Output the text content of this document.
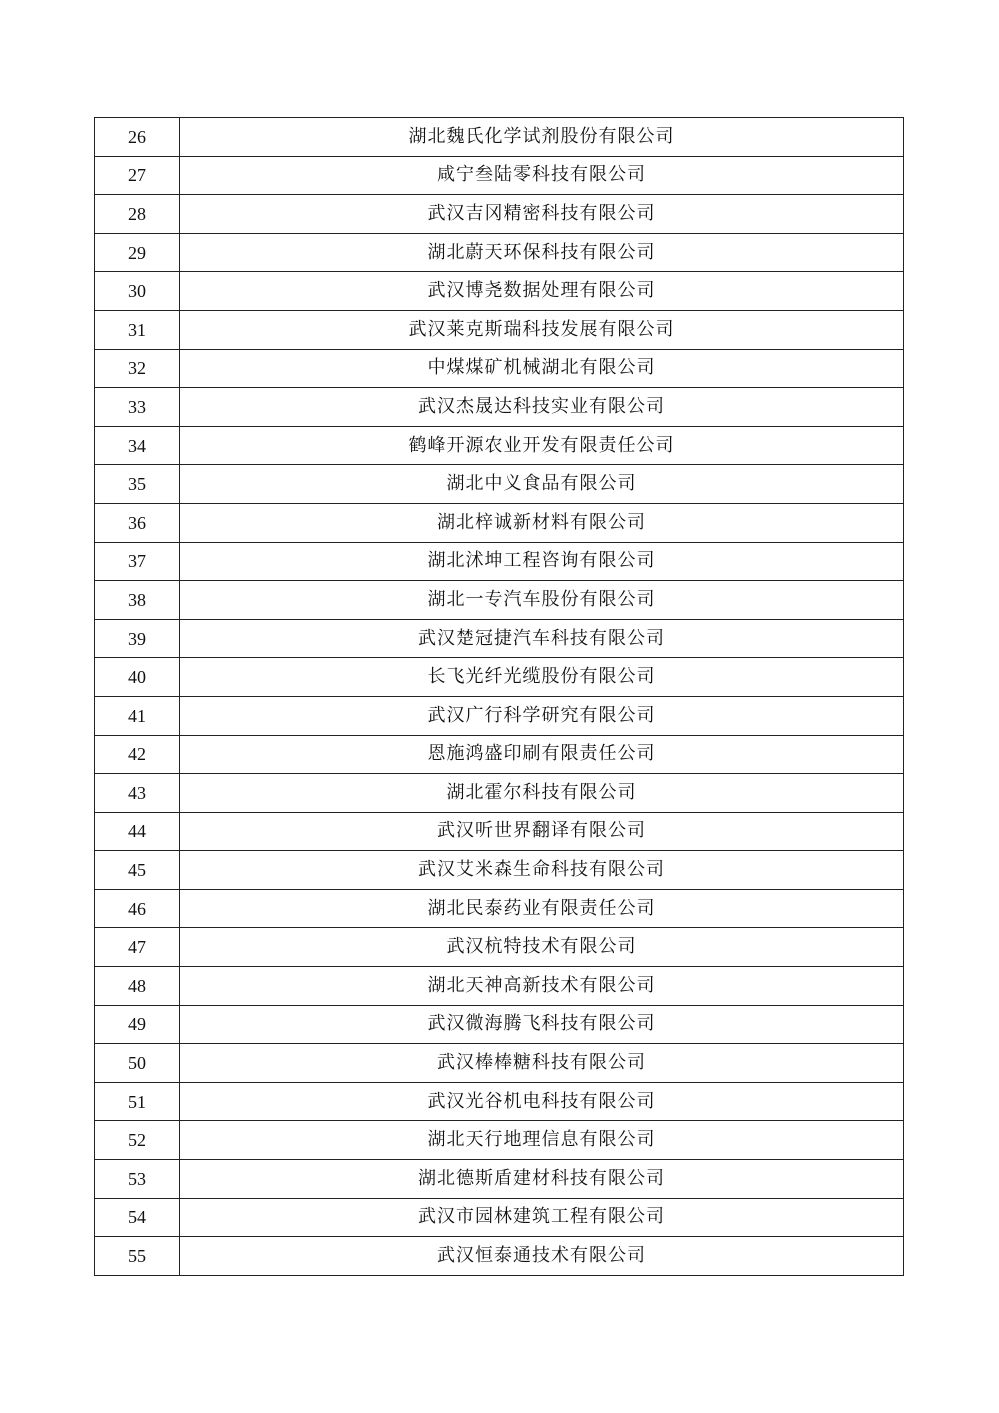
26	湖北魏氏化学试剂股份有限公司
27	咸宁叁陆零科技有限公司
28	武汉吉冈精密科技有限公司
29	湖北蔚天环保科技有限公司
30	武汉博尧数据处理有限公司
31	武汉莱克斯瑞科技发展有限公司
32	中煤煤矿机械湖北有限公司
33	武汉杰晟达科技实业有限公司
34	鹤峰开源农业开发有限责任公司
35	湖北中义食品有限公司
36	湖北梓诚新材料有限公司
37	湖北沭坤工程咨询有限公司
38	湖北一专汽车股份有限公司
39	武汉楚冠捷汽车科技有限公司
40	长飞光纤光缆股份有限公司
41	武汉广行科学研究有限公司
42	恩施鸿盛印刷有限责任公司
43	湖北霍尔科技有限公司
44	武汉听世界翻译有限公司
45	武汉艾米森生命科技有限公司
46	湖北民泰药业有限责任公司
47	武汉杭特技术有限公司
48	湖北天神高新技术有限公司
49	武汉微海腾飞科技有限公司
50	武汉棒棒糖科技有限公司
51	武汉光谷机电科技有限公司
52	湖北天行地理信息有限公司
53	湖北德斯盾建材科技有限公司
54	武汉市园林建筑工程有限公司
55	武汉恒泰通技术有限公司
